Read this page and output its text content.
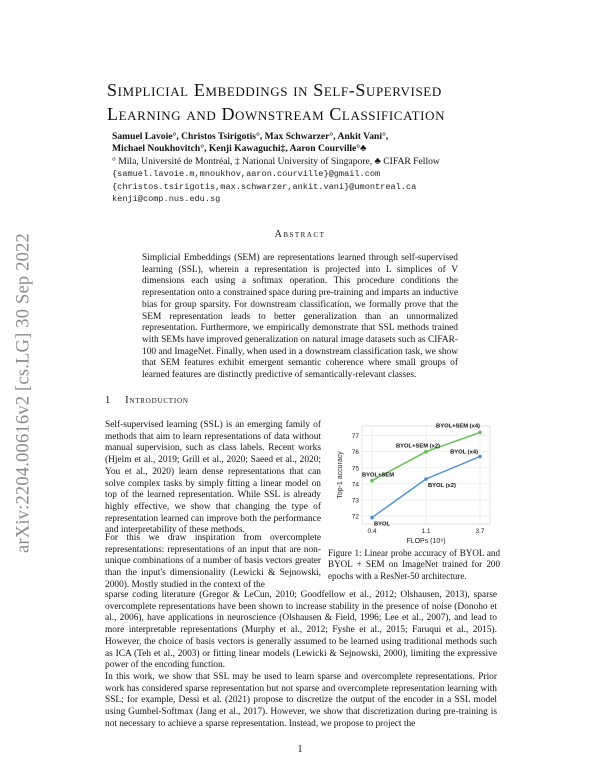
arXiv:2204.00616v2 [cs.LG] 30 Sep 2022
Simplicial Embeddings in Self-Supervised
Learning and Downstream Classification
Samuel Lavoie°, Christos Tsirigotis°, Max Schwarzer°, Ankit Vani°,
Michael Noukhovitch°, Kenji Kawaguchi‡, Aaron Courville°♣
° Mila, Université de Montréal, ‡ National University of Singapore, ♣ CIFAR Fellow
{samuel.lavoie.m,mnoukhov,aaron.courville}@gmail.com
{christos.tsirigotis,max.schwarzer,ankit.vani}@umontreal.ca
kenji@comp.nus.edu.sg
Abstract
Simplicial Embeddings (SEM) are representations learned through self-supervised learning (SSL), wherein a representation is projected into L simplices of V dimensions each using a softmax operation. This procedure conditions the representation onto a constrained space during pre-training and imparts an inductive bias for group sparsity. For downstream classification, we formally prove that the SEM representation leads to better generalization than an unnormalized representation. Furthermore, we empirically demonstrate that SSL methods trained with SEMs have improved generalization on natural image datasets such as CIFAR-100 and ImageNet. Finally, when used in a downstream classification task, we show that SEM features exhibit emergent semantic coherence where small groups of learned features are distinctly predictive of semantically-relevant classes.
1 Introduction
Self-supervised learning (SSL) is an emerging family of methods that aim to learn representations of data without manual supervision, such as class labels. Recent works (Hjelm et al., 2019; Grill et al., 2020; Saeed et al., 2020; You et al., 2020) learn dense representations that can solve complex tasks by simply fitting a linear model on top of the learned representation. While SSL is already highly effective, we show that changing the type of representation learned can improve both the performance and interpretability of these methods.
For this we draw inspiration from overcomplete representations: representations of an input that are non-unique combinations of a number of basis vectors greater than the input's dimensionality (Lewicki & Sejnowski, 2000). Mostly studied in the context of the
72
73
74
75
76
77
0.4	1.1	3.7
FLOPs (10⁹)
Top-1 accuracy
BYOL
BYOL (x2)
BYOL (x4)
BYOL+SEM
BYOL+SEM (x2)
BYOL+SEM (x4)
Figure 1: Linear probe accuracy of BYOL and BYOL + SEM on ImageNet trained for 200 epochs with a ResNet-50 architecture.
sparse coding literature (Gregor & LeCun, 2010; Goodfellow et al., 2012; Olshausen, 2013), sparse overcomplete representations have been shown to increase stability in the presence of noise (Donoho et al., 2006), have applications in neuroscience (Olshausen & Field, 1996; Lee et al., 2007), and lead to more interpretable representations (Murphy et al., 2012; Fyshe et al., 2015; Faruqui et al., 2015). However, the choice of basis vectors is generally assumed to be learned using traditional methods such as ICA (Teh et al., 2003) or fitting linear models (Lewicki & Sejnowski, 2000), limiting the expressive power of the encoding function.
In this work, we show that SSL may be used to learn sparse and overcomplete representations. Prior work has considered sparse representation but not sparse and overcomplete representation learning with SSL; for example, Dessì et al. (2021) propose to discretize the output of the encoder in a SSL model using Gumbel-Softmax (Jang et al., 2017). However, we show that discretization during pre-training is not necessary to achieve a sparse representation. Instead, we propose to project the
1
